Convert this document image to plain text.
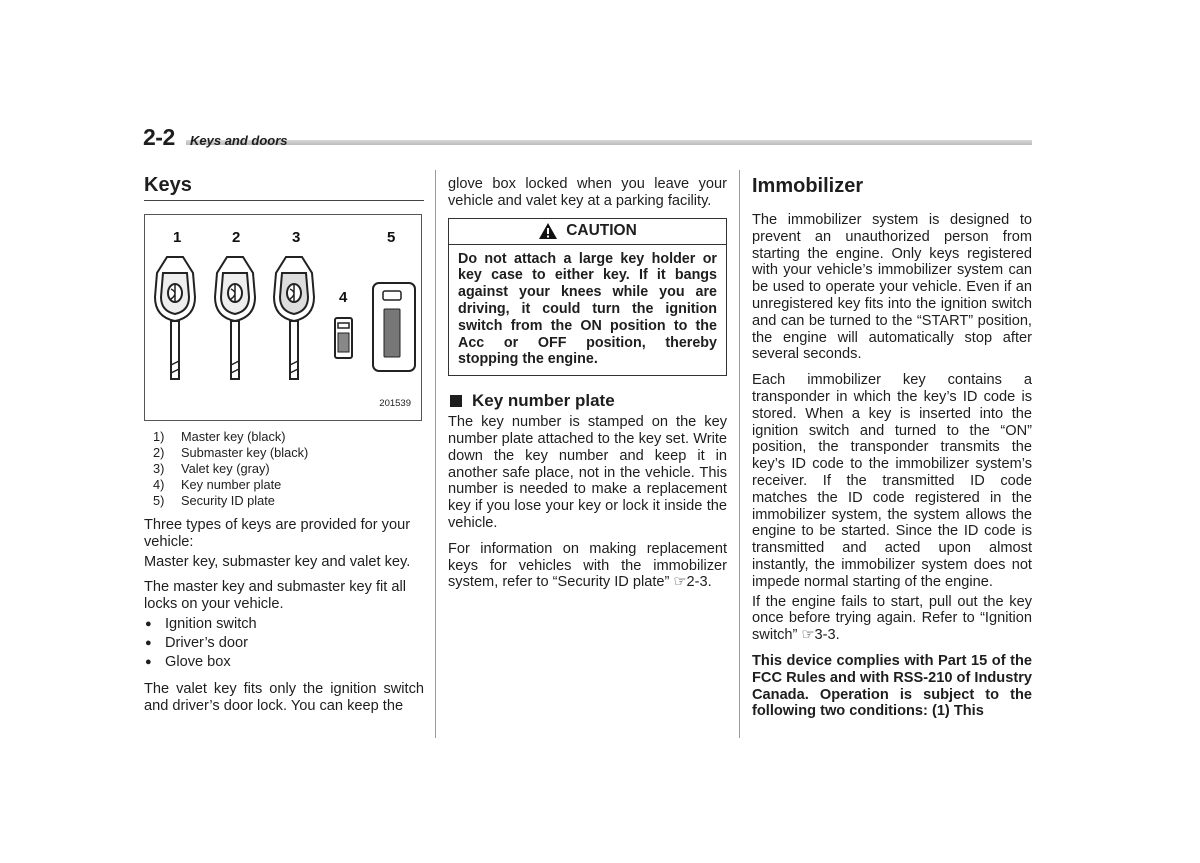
2-2 Keys and doors
Keys
1	2	3
4
5
201539
1)	Master key (black)
2)	Submaster key (black)
3)	Valet key (gray)
4)	Key number plate
5)	Security ID plate

Three types of keys are provided for your vehicle:

Master key, submaster key and valet key.

The master key and submaster key fit all locks on your vehicle.

● Ignition switch
● Driver’s door
● Glove box

The valet key fits only the ignition switch and driver’s door lock. You can keep the

glove box locked when you leave your vehicle and valet key at a parking facility.

CAUTION
Do not attach a large key holder or key case to either key. If it bangs against your knees while you are driving, it could turn the ignition switch from the ON position to the Acc or OFF position, thereby stopping the engine.
Key number plate

The key number is stamped on the key number plate attached to the key set. Write down the key number and keep it in another safe place, not in the vehicle. This number is needed to make a replacement key if you lose your key or lock it inside the vehicle.

For information on making replacement keys for vehicles with the immobilizer system, refer to “Security ID plate” ☞2-3.

Immobilizer

The immobilizer system is designed to prevent an unauthorized person from starting the engine. Only keys registered with your vehicle’s immobilizer system can be used to operate your vehicle. Even if an unregistered key fits into the ignition switch and can be turned to the “START” position, the engine will automatically stop after several seconds.

Each immobilizer key contains a transponder in which the key’s ID code is stored. When a key is inserted into the ignition switch and turned to the “ON” position, the transponder transmits the key’s ID code to the immobilizer system’s receiver. If the transmitted ID code matches the ID code registered in the immobilizer system, the system allows the engine to be started. Since the ID code is transmitted and acted upon almost instantly, the immobilizer system does not impede normal starting of the engine.

If the engine fails to start, pull out the key once before trying again. Refer to “Ignition switch” ☞3-3.

This device complies with Part 15 of the FCC Rules and with RSS-210 of Industry Canada. Operation is subject to the following two conditions: (1) This
